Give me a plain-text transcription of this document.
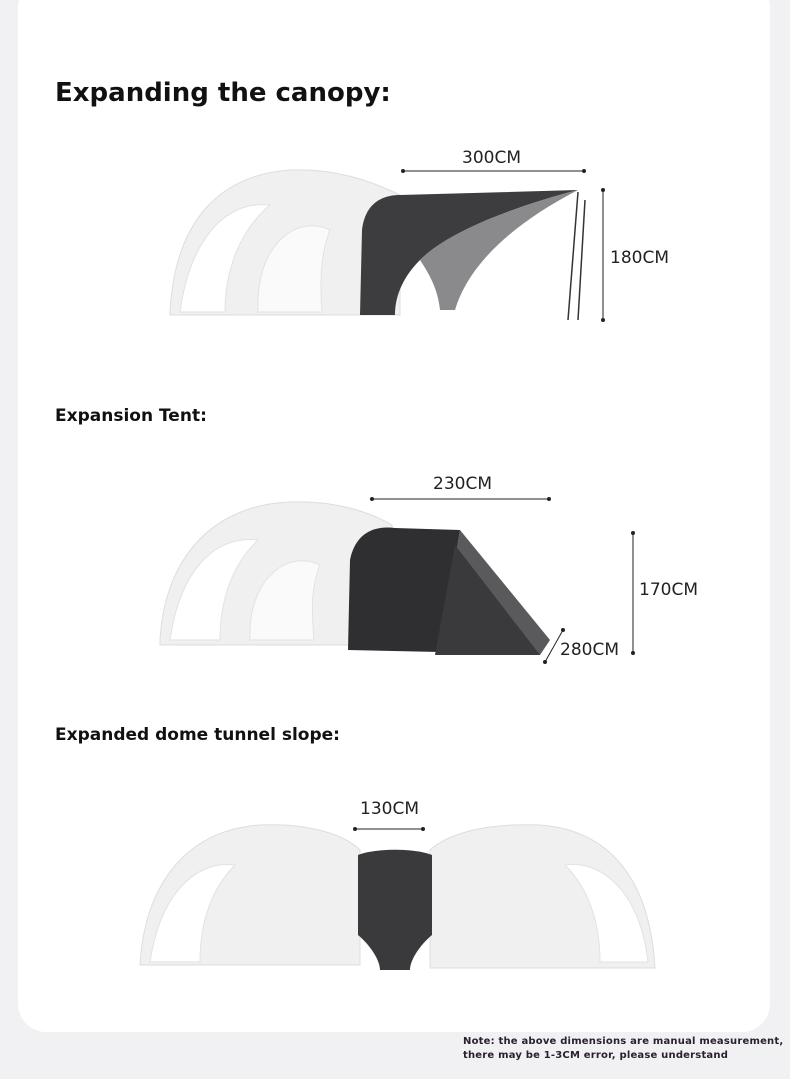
Expanding the canopy:
300CM
180CM
Expansion Tent:
230CM
170CM
280CM
Expanded dome tunnel slope:
130CM
Note: the above dimensions are manual measurement,
there may be 1-3CM error, please understand
